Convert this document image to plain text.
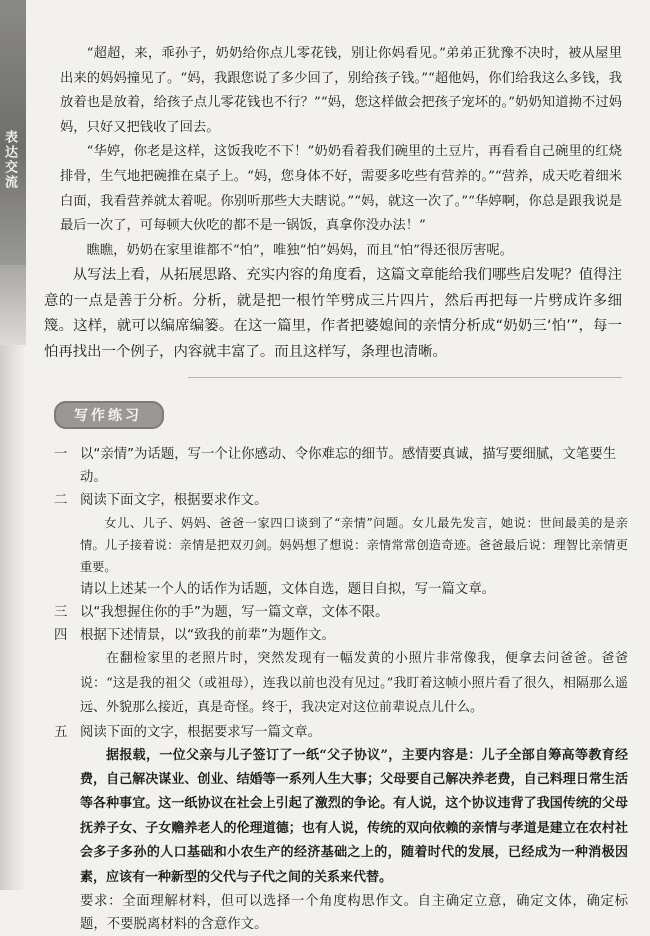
表达交流

“超超，来，乖孙子，奶奶给你点儿零花钱，别让你妈看见。”弟弟正犹豫不决时，被从屋里出来的妈妈撞见了。“妈，我跟您说了多少回了，别给孩子钱。”“超他妈，你们给我这么多钱，我放着也是放着，给孩子点儿零花钱也不行？”“妈，您这样做会把孩子宠坏的。”奶奶知道拗不过妈妈，只好又把钱收了回去。

“华婷，你老是这样，这饭我吃不下！”奶奶看着我们碗里的土豆片，再看看自己碗里的红烧排骨，生气地把碗推在桌子上。“妈，您身体不好，需要多吃些有营养的。”“营养，成天吃着细米白面，我看营养就太着呢。你别听那些大夫瞎说。”“妈，就这一次了。”“华婷啊，你总是跟我说是最后一次了，可每顿大伙吃的都不是一锅饭，真拿你没办法！”

瞧瞧，奶奶在家里谁都不“怕”，唯独“怕”妈妈，而且“怕”得还很厉害呢。

从写法上看，从拓展思路、充实内容的角度看，这篇文章能给我们哪些启发呢？值得注意的一点是善于分析。分析，就是把一根竹竿劈成三片四片，然后再把每一片劈成许多细篾。这样，就可以编席编篓。在这一篇里，作者把婆媳间的亲情分析成“奶奶三‘怕’”，每一怕再找出一个例子，内容就丰富了。而且这样写，条理也清晰。

写作练习
一 以“亲情”为话题，写一个让你感动、令你难忘的细节。感情要真诚，描写要细腻，文笔要生动。
二 阅读下面文字，根据要求作文。

女儿、儿子、妈妈、爸爸一家四口谈到了“亲情”问题。女儿最先发言，她说：世间最美的是亲情。儿子接着说：亲情是把双刃剑。妈妈想了想说：亲情常常创造奇迹。爸爸最后说：理智比亲情更重要。

请以上述某一个人的话作为话题，文体自选，题目自拟，写一篇文章。

三 以“我想握住你的手”为题，写一篇文章，文体不限。
四 根据下述情景，以“致我的前辈”为题作文。

在翻检家里的老照片时，突然发现有一幅发黄的小照片非常像我，便拿去问爸爸。爸爸说：“这是我的祖父（或祖母），连我以前也没有见过。”我盯着这帧小照片看了很久，相隔那么遥远、外貌那么接近，真是奇怪。终于，我决定对这位前辈说点儿什么。

五 阅读下面的文字，根据要求写一篇文章。

据报载，一位父亲与儿子签订了一纸“父子协议”，主要内容是：儿子全部自筹高等教育经费，自己解决谋业、创业、结婚等一系列人生大事；父母要自己解决养老费，自己料理日常生活等各种事宜。这一纸协议在社会上引起了激烈的争论。有人说，这个协议违背了我国传统的父母抚养子女、子女赡养老人的伦理道德；也有人说，传统的双向依赖的亲情与孝道是建立在农村社会多子多孙的人口基础和小农生产的经济基础之上的，随着时代的发展，已经成为一种消极因素，应该有一种新型的父代与子代之间的关系来代替。

要求：全面理解材料，但可以选择一个角度构思作文。自主确定立意，确定文体，确定标题，不要脱离材料的含意作文。
